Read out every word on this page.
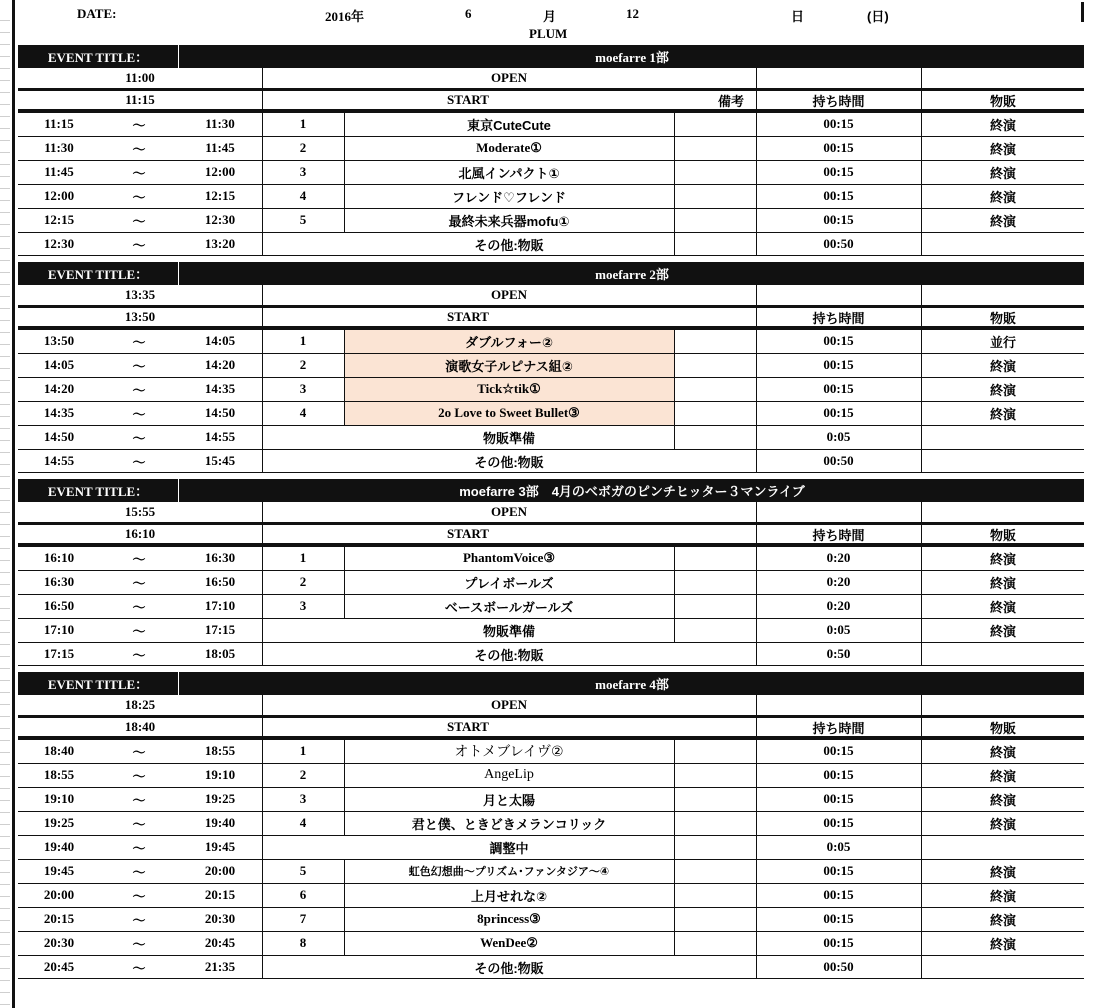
DATE:	2016年	6	月	12	日	(日)
PLUM
EVENT TITLE：	moefarre 1部
11:00	OPEN
11:15	START	備考	持ち時間	物販
11:15	～	11:30	1	東京CuteCute	00:15	終演
11:30	～	11:45	2	Moderate①	00:15	終演
11:45	～	12:00	3	北風インパクト①	00:15	終演
12:00	～	12:15	4	フレンド♡フレンド	00:15	終演
12:15	～	12:30	5	最終未来兵器mofu①	00:15	終演
12:30	～	13:20	その他:物販	00:50
EVENT TITLE：	moefarre 2部
13:35	OPEN
13:50	START	持ち時間	物販
13:50	～	14:05	1	ダブルフォー②	00:15	並行
14:05	～	14:20	2	演歌女子ルピナス組②	00:15	終演
14:20	～	14:35	3	Tick☆tik①	00:15	終演
14:35	～	14:50	4	2o Love to Sweet Bullet③	00:15	終演
14:50	～	14:55	物販準備	0:05
14:55	～	15:45	その他:物販	00:50
EVENT TITLE：	moefarre 3部　4月のベボガのピンチヒッター３マンライブ
15:55	OPEN
16:10	START	持ち時間	物販
16:10	～	16:30	1	PhantomVoice③	0:20	終演
16:30	～	16:50	2	プレイボールズ	0:20	終演
16:50	～	17:10	3	ベースボールガールズ	0:20	終演
17:10	～	17:15	物販準備	0:05	終演
17:15	～	18:05	その他:物販	0:50
EVENT TITLE：	moefarre 4部
18:25	OPEN
18:40	START	持ち時間	物販
18:40	～	18:55	1	オトメブレイヴ②	00:15	終演
18:55	～	19:10	2	AngeLip	00:15	終演
19:10	～	19:25	3	月と太陽	00:15	終演
19:25	～	19:40	4	君と僕、ときどきメランコリック	00:15	終演
19:40	～	19:45	調整中	0:05
19:45	～	20:00	5	虹色幻想曲～プリズム･ファンタジア～④	00:15	終演
20:00	～	20:15	6	上月せれな②	00:15	終演
20:15	～	20:30	7	8princess③	00:15	終演
20:30	～	20:45	8	WenDee②	00:15	終演
20:45	～	21:35	その他:物販	00:50
